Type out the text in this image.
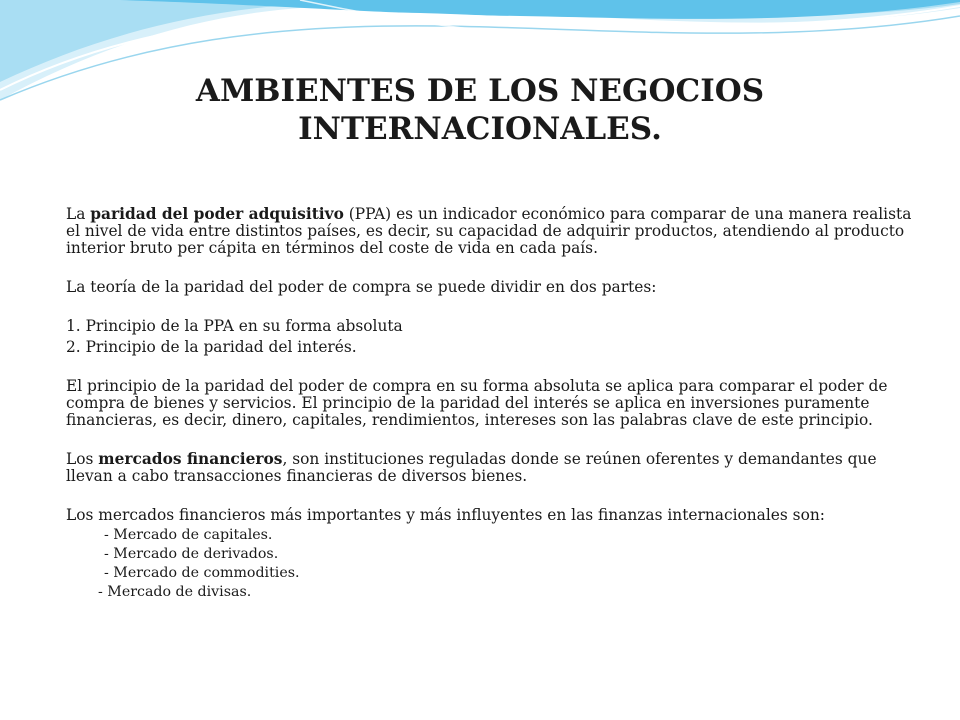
AMBIENTES DE LOS NEGOCIOS INTERNACIONALES.

La paridad del poder adquisitivo (PPA) es un indicador económico para comparar de una manera realista el nivel de vida entre distintos países, es decir, su capacidad de adquirir productos, atendiendo al producto interior bruto per cápita en términos del coste de vida en cada país.

La teoría de la paridad del poder de compra se puede dividir en dos partes:

1. Principio de la PPA en su forma absoluta

2. Principio de la paridad del interés.

El principio de la paridad del poder de compra en su forma absoluta se aplica para comparar el poder de compra de bienes y servicios. El principio de la paridad del interés se aplica en inversiones puramente financieras, es decir, dinero, capitales, rendimientos, intereses son las palabras clave de este principio.

Los mercados financieros, son instituciones reguladas donde se reúnen oferentes y demandantes que llevan a cabo transacciones financieras de diversos bienes.

Los mercados financieros más importantes y más influyentes en las finanzas internacionales son:

- Mercado de capitales.

- Mercado de derivados.

- Mercado de commodities.

- Mercado de divisas.
